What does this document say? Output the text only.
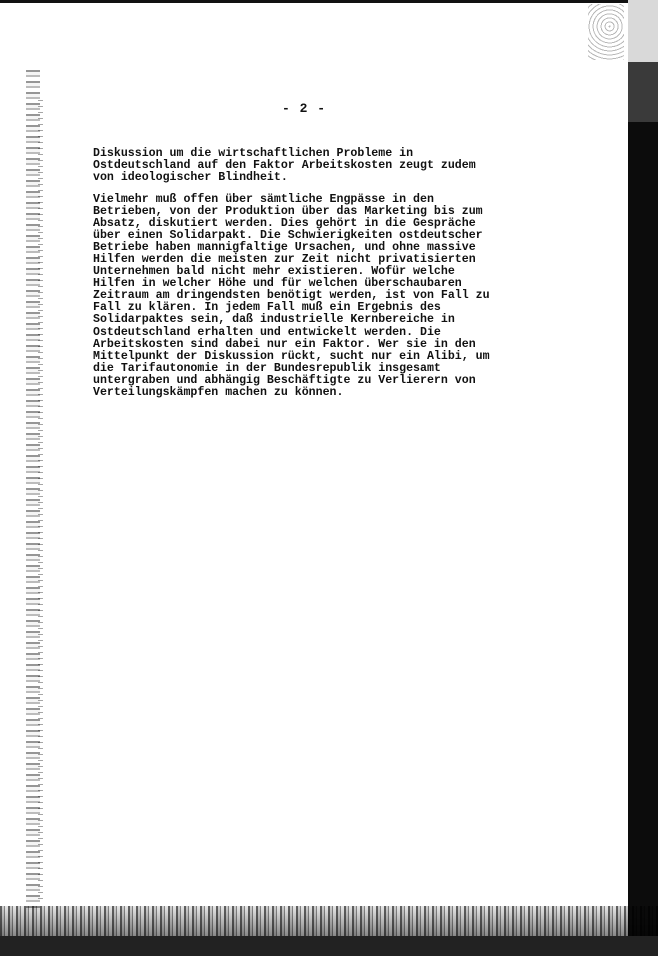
- 2 -
Diskussion um die wirtschaftlichen Probleme in
Ostdeutschland auf den Faktor Arbeitskosten zeugt zudem
von ideologischer Blindheit.
Vielmehr muß offen über sämtliche Engpässe in den
Betrieben, von der Produktion über das Marketing bis zum
Absatz, diskutiert werden. Dies gehört in die Gespräche
über einen Solidarpakt. Die Schwierigkeiten ostdeutscher
Betriebe haben mannigfaltige Ursachen, und ohne massive
Hilfen werden die meisten zur Zeit nicht privatisierten
Unternehmen bald nicht mehr existieren. Wofür welche
Hilfen in welcher Höhe und für welchen überschaubaren
Zeitraum am dringendsten benötigt werden, ist von Fall zu
Fall zu klären. In jedem Fall muß ein Ergebnis des
Solidarpaktes sein, daß industrielle Kernbereiche in
Ostdeutschland erhalten und entwickelt werden. Die
Arbeitskosten sind dabei nur ein Faktor. Wer sie in den
Mittelpunkt der Diskussion rückt, sucht nur ein Alibi, um
die Tarifautonomie in der Bundesrepublik insgesamt
untergraben und abhängig Beschäftigte zu Verlierern von
Verteilungskämpfen machen zu können.
